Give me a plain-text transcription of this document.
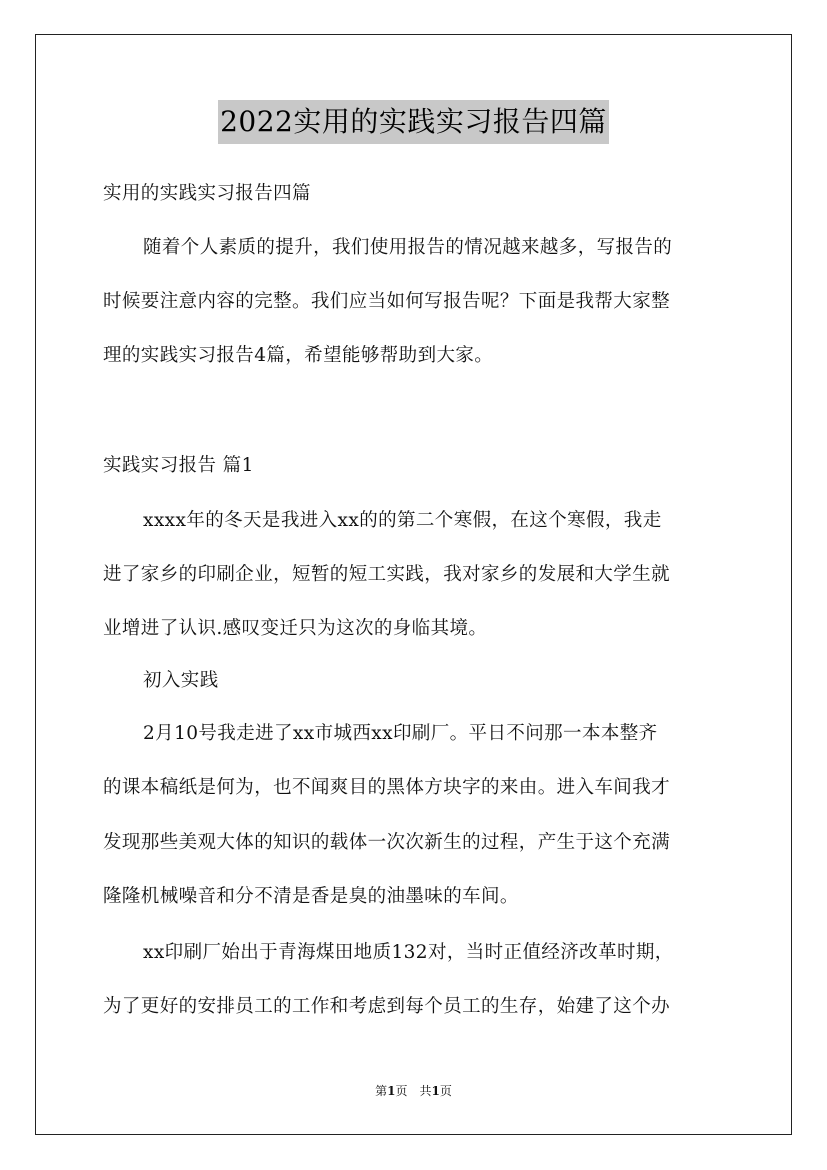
2022实用的实践实习报告四篇
实用的实践实习报告四篇
随着个人素质的提升，我们使用报告的情况越来越多，写报告的
时候要注意内容的完整。我们应当如何写报告呢？下面是我帮大家整
理的实践实习报告4篇，希望能够帮助到大家。
实践实习报告 篇1
xxxx年的冬天是我进入xx的的第二个寒假，在这个寒假，我走
进了家乡的印刷企业，短暂的短工实践，我对家乡的发展和大学生就
业增进了认识.感叹变迁只为这次的身临其境。
初入实践
2月10号我走进了xx市城西xx印刷厂。平日不问那一本本整齐
的课本稿纸是何为，也不闻爽目的黑体方块字的来由。进入车间我才
发现那些美观大体的知识的载体一次次新生的过程，产生于这个充满
隆隆机械噪音和分不清是香是臭的油墨味的车间。
xx印刷厂始出于青海煤田地质132对，当时正值经济改革时期，
为了更好的安排员工的工作和考虑到每个员工的生存，始建了这个办
第1页 共1页
